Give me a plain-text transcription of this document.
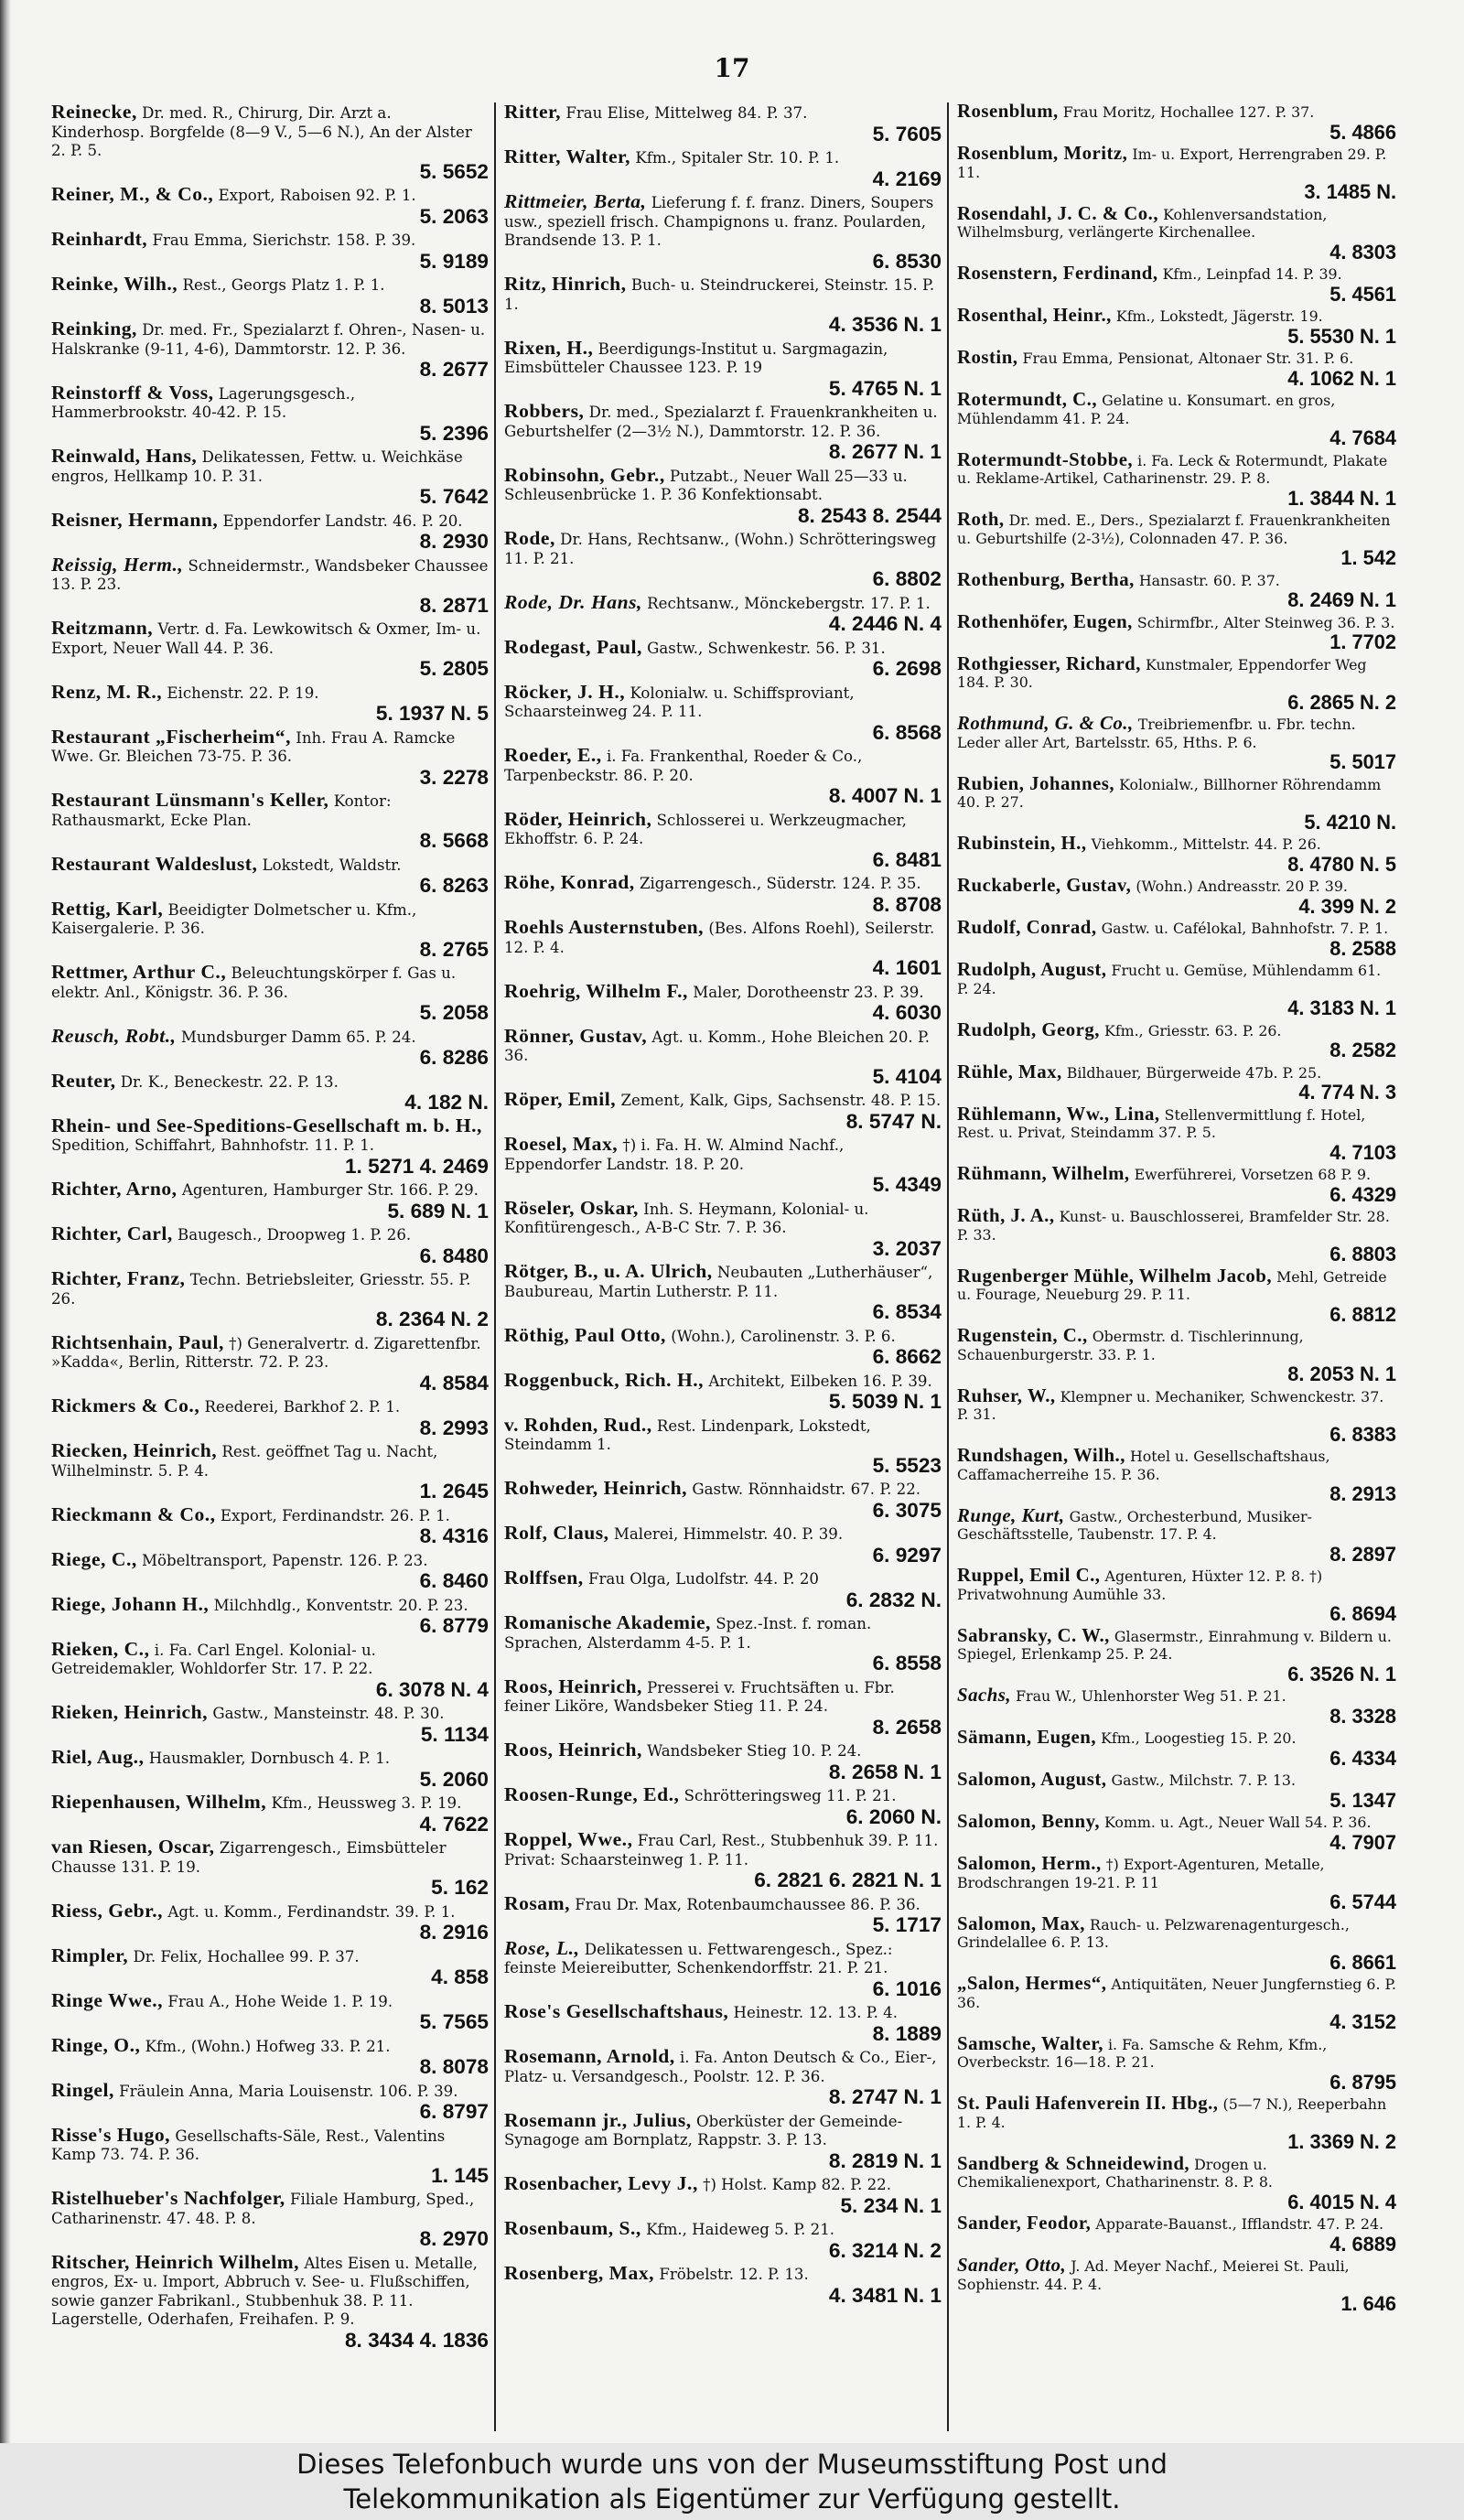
17
Reinecke, Dr. med. R., Chirurg, Dir. Arzt a. Kinderhosp. Borgfelde (8—9 V., 5—6 N.), An der Alster 2. P. 5.
5. 5652
Reiner, M., & Co., Export, Raboisen 92. P. 1.
5. 2063
Reinhardt, Frau Emma, Sierichstr. 158. P. 39.
5. 9189
Reinke, Wilh., Rest., Georgs Platz 1. P. 1.
8. 5013
Reinking, Dr. med. Fr., Spezialarzt f. Ohren-, Nasen- u. Halskranke (9-11, 4-6), Dammtorstr. 12. P. 36.
8. 2677
Reinstorff & Voss, Lagerungsgesch., Hammerbrookstr. 40-42. P. 15.
5. 2396
Reinwald, Hans, Delikatessen, Fettw. u. Weichkäse engros, Hellkamp 10. P. 31.
5. 7642
Reisner, Hermann, Eppendorfer Landstr. 46. P. 20.
8. 2930
Reissig, Herm., Schneidermstr., Wandsbeker Chaussee 13. P. 23.
8. 2871
Reitzmann, Vertr. d. Fa. Lewkowitsch & Oxmer, Im- u. Export, Neuer Wall 44. P. 36.
5. 2805
Renz, M. R., Eichenstr. 22. P. 19.
5. 1937 N. 5
Restaurant „Fischerheim“, Inh. Frau A. Ramcke Wwe. Gr. Bleichen 73-75. P. 36.
3. 2278
Restaurant Lünsmann's Keller, Kontor: Rathausmarkt, Ecke Plan.
8. 5668
Restaurant Waldeslust, Lokstedt, Waldstr.
6. 8263
Rettig, Karl, Beeidigter Dolmetscher u. Kfm., Kaisergalerie. P. 36.
8. 2765
Rettmer, Arthur C., Beleuchtungskörper f. Gas u. elektr. Anl., Königstr. 36. P. 36.
5. 2058
Reusch, Robt., Mundsburger Damm 65. P. 24.
6. 8286
Reuter, Dr. K., Beneckestr. 22. P. 13.
4. 182 N.
Rhein- und See-Speditions-Gesellschaft m. b. H., Spedition, Schiffahrt, Bahnhofstr. 11. P. 1.
1. 5271 4. 2469
Richter, Arno, Agenturen, Hamburger Str. 166. P. 29.
5. 689 N. 1
Richter, Carl, Baugesch., Droopweg 1. P. 26.
6. 8480
Richter, Franz, Techn. Betriebsleiter, Griesstr. 55. P. 26.
8. 2364 N. 2
Richtsenhain, Paul, †) Generalvertr. d. Zigarettenfbr. »Kadda«, Berlin, Ritterstr. 72. P. 23.
4. 8584
Rickmers & Co., Reederei, Barkhof 2. P. 1.
8. 2993
Riecken, Heinrich, Rest. geöffnet Tag u. Nacht, Wilhelminstr. 5. P. 4.
1. 2645
Rieckmann & Co., Export, Ferdinandstr. 26. P. 1.
8. 4316
Riege, C., Möbeltransport, Papenstr. 126. P. 23.
6. 8460
Riege, Johann H., Milchhdlg., Konventstr. 20. P. 23.
6. 8779
Rieken, C., i. Fa. Carl Engel. Kolonial- u. Getreidemakler, Wohldorfer Str. 17. P. 22.
6. 3078 N. 4
Rieken, Heinrich, Gastw., Mansteinstr. 48. P. 30.
5. 1134
Riel, Aug., Hausmakler, Dornbusch 4. P. 1.
5. 2060
Riepenhausen, Wilhelm, Kfm., Heussweg 3. P. 19.
4. 7622
van Riesen, Oscar, Zigarrengesch., Eimsbütteler Chausse 131. P. 19.
5. 162
Riess, Gebr., Agt. u. Komm., Ferdinandstr. 39. P. 1.
8. 2916
Rimpler, Dr. Felix, Hochallee 99. P. 37.
4. 858
Ringe Wwe., Frau A., Hohe Weide 1. P. 19.
5. 7565
Ringe, O., Kfm., (Wohn.) Hofweg 33. P. 21.
8. 8078
Ringel, Fräulein Anna, Maria Louisenstr. 106. P. 39.
6. 8797
Risse's Hugo, Gesellschafts-Säle, Rest., Valentins Kamp 73. 74. P. 36.
1. 145
Ristelhueber's Nachfolger, Filiale Hamburg, Sped., Catharinenstr. 47. 48. P. 8.
8. 2970
Ritscher, Heinrich Wilhelm, Altes Eisen u. Metalle, engros, Ex- u. Import, Abbruch v. See- u. Flußschiffen, sowie ganzer Fabrikanl., Stubbenhuk 38. P. 11. Lagerstelle, Oderhafen, Freihafen. P. 9.
8. 3434 4. 1836
Ritter, Frau Elise, Mittelweg 84. P. 37.
5. 7605
Ritter, Walter, Kfm., Spitaler Str. 10. P. 1.
4. 2169
Rittmeier, Berta, Lieferung f. f. franz. Diners, Soupers usw., speziell frisch. Champignons u. franz. Poularden, Brandsende 13. P. 1.
6. 8530
Ritz, Hinrich, Buch- u. Steindruckerei, Steinstr. 15. P. 1.
4. 3536 N. 1
Rixen, H., Beerdigungs-Institut u. Sargmagazin, Eimsbütteler Chaussee 123. P. 19
5. 4765 N. 1
Robbers, Dr. med., Spezialarzt f. Frauenkrankheiten u. Geburtshelfer (2—3½ N.), Dammtorstr. 12. P. 36.
8. 2677 N. 1
Robinsohn, Gebr., Putzabt., Neuer Wall 25—33 u. Schleusenbrücke 1. P. 36 Konfektionsabt.
8. 2543 8. 2544
Rode, Dr. Hans, Rechtsanw., (Wohn.) Schrötteringsweg 11. P. 21.
6. 8802
Rode, Dr. Hans, Rechtsanw., Mönckebergstr. 17. P. 1.
4. 2446 N. 4
Rodegast, Paul, Gastw., Schwenkestr. 56. P. 31.
6. 2698
Röcker, J. H., Kolonialw. u. Schiffsproviant, Schaarsteinweg 24. P. 11.
6. 8568
Roeder, E., i. Fa. Frankenthal, Roeder & Co., Tarpenbeckstr. 86. P. 20.
8. 4007 N. 1
Röder, Heinrich, Schlosserei u. Werkzeugmacher, Ekhoffstr. 6. P. 24.
6. 8481
Röhe, Konrad, Zigarrengesch., Süderstr. 124. P. 35.
8. 8708
Roehls Austernstuben, (Bes. Alfons Roehl), Seilerstr. 12. P. 4.
4. 1601
Roehrig, Wilhelm F., Maler, Dorotheenstr 23. P. 39.
4. 6030
Rönner, Gustav, Agt. u. Komm., Hohe Bleichen 20. P. 36.
5. 4104
Röper, Emil, Zement, Kalk, Gips, Sachsenstr. 48. P. 15.
8. 5747 N.
Roesel, Max, †) i. Fa. H. W. Almind Nachf., Eppendorfer Landstr. 18. P. 20.
5. 4349
Röseler, Oskar, Inh. S. Heymann, Kolonial- u. Konfitürengesch., A-B-C Str. 7. P. 36.
3. 2037
Rötger, B., u. A. Ulrich, Neubauten „Lutherhäuser“, Baubureau, Martin Lutherstr. P. 11.
6. 8534
Röthig, Paul Otto, (Wohn.), Carolinenstr. 3. P. 6.
6. 8662
Roggenbuck, Rich. H., Architekt, Eilbeken 16. P. 39.
5. 5039 N. 1
v. Rohden, Rud., Rest. Lindenpark, Lokstedt, Steindamm 1.
5. 5523
Rohweder, Heinrich, Gastw. Rönnhaidstr. 67. P. 22.
6. 3075
Rolf, Claus, Malerei, Himmelstr. 40. P. 39.
6. 9297
Rolffsen, Frau Olga, Ludolfstr. 44. P. 20
6. 2832 N.
Romanische Akademie, Spez.-Inst. f. roman. Sprachen, Alsterdamm 4-5. P. 1.
6. 8558
Roos, Heinrich, Presserei v. Fruchtsäften u. Fbr. feiner Liköre, Wandsbeker Stieg 11. P. 24.
8. 2658
Roos, Heinrich, Wandsbeker Stieg 10. P. 24.
8. 2658 N. 1
Roosen-Runge, Ed., Schrötteringsweg 11. P. 21.
6. 2060 N.
Roppel, Wwe., Frau Carl, Rest., Stubbenhuk 39. P. 11. Privat: Schaarsteinweg 1. P. 11.
6. 2821 6. 2821 N. 1
Rosam, Frau Dr. Max, Rotenbaumchaussee 86. P. 36.
5. 1717
Rose, L., Delikatessen u. Fettwarengesch., Spez.: feinste Meiereibutter, Schenkendorffstr. 21. P. 21.
6. 1016
Rose's Gesellschaftshaus, Heinestr. 12. 13. P. 4.
8. 1889
Rosemann, Arnold, i. Fa. Anton Deutsch & Co., Eier-, Platz- u. Versandgesch., Poolstr. 12. P. 36.
8. 2747 N. 1
Rosemann jr., Julius, Oberküster der Gemeinde-Synagoge am Bornplatz, Rappstr. 3. P. 13.
8. 2819 N. 1
Rosenbacher, Levy J., †) Holst. Kamp 82. P. 22.
5. 234 N. 1
Rosenbaum, S., Kfm., Haideweg 5. P. 21.
6. 3214 N. 2
Rosenberg, Max, Fröbelstr. 12. P. 13.
4. 3481 N. 1
Rosenblum, Frau Moritz, Hochallee 127. P. 37.
5. 4866
Rosenblum, Moritz, Im- u. Export, Herrengraben 29. P. 11.
3. 1485 N.
Rosendahl, J. C. & Co., Kohlenversandstation, Wilhelmsburg, verlängerte Kirchenallee.
4. 8303
Rosenstern, Ferdinand, Kfm., Leinpfad 14. P. 39.
5. 4561
Rosenthal, Heinr., Kfm., Lokstedt, Jägerstr. 19.
5. 5530 N. 1
Rostin, Frau Emma, Pensionat, Altonaer Str. 31. P. 6.
4. 1062 N. 1
Rotermundt, C., Gelatine u. Konsumart. en gros, Mühlendamm 41. P. 24.
4. 7684
Rotermundt-Stobbe, i. Fa. Leck & Rotermundt, Plakate u. Reklame-Artikel, Catharinenstr. 29. P. 8.
1. 3844 N. 1
Roth, Dr. med. E., Ders., Spezialarzt f. Frauenkrankheiten u. Geburtshilfe (2-3½), Colonnaden 47. P. 36.
1. 542
Rothenburg, Bertha, Hansastr. 60. P. 37.
8. 2469 N. 1
Rothenhöfer, Eugen, Schirmfbr., Alter Steinweg 36. P. 3.
1. 7702
Rothgiesser, Richard, Kunstmaler, Eppendorfer Weg 184. P. 30.
6. 2865 N. 2
Rothmund, G. & Co., Treibriemenfbr. u. Fbr. techn. Leder aller Art, Bartelsstr. 65, Hths. P. 6.
5. 5017
Rubien, Johannes, Kolonialw., Billhorner Röhrendamm 40. P. 27.
5. 4210 N.
Rubinstein, H., Viehkomm., Mittelstr. 44. P. 26.
8. 4780 N. 5
Ruckaberle, Gustav, (Wohn.) Andreasstr. 20 P. 39.
4. 399 N. 2
Rudolf, Conrad, Gastw. u. Cafélokal, Bahnhofstr. 7. P. 1.
8. 2588
Rudolph, August, Frucht u. Gemüse, Mühlendamm 61. P. 24.
4. 3183 N. 1
Rudolph, Georg, Kfm., Griesstr. 63. P. 26.
8. 2582
Rühle, Max, Bildhauer, Bürgerweide 47b. P. 25.
4. 774 N. 3
Rühlemann, Ww., Lina, Stellenvermittlung f. Hotel, Rest. u. Privat, Steindamm 37. P. 5.
4. 7103
Rühmann, Wilhelm, Ewerführerei, Vorsetzen 68 P. 9.
6. 4329
Rüth, J. A., Kunst- u. Bauschlosserei, Bramfelder Str. 28. P. 33.
6. 8803
Rugenberger Mühle, Wilhelm Jacob, Mehl, Getreide u. Fourage, Neueburg 29. P. 11.
6. 8812
Rugenstein, C., Obermstr. d. Tischlerinnung, Schauenburgerstr. 33. P. 1.
8. 2053 N. 1
Ruhser, W., Klempner u. Mechaniker, Schwenckestr. 37. P. 31.
6. 8383
Rundshagen, Wilh., Hotel u. Gesellschaftshaus, Caffamacherreihe 15. P. 36.
8. 2913
Runge, Kurt, Gastw., Orchesterbund, Musiker-Geschäftsstelle, Taubenstr. 17. P. 4.
8. 2897
Ruppel, Emil C., Agenturen, Hüxter 12. P. 8. †) Privatwohnung Aumühle 33.
6. 8694
Sabransky, C. W., Glasermstr., Einrahmung v. Bildern u. Spiegel, Erlenkamp 25. P. 24.
6. 3526 N. 1
Sachs, Frau W., Uhlenhorster Weg 51. P. 21.
8. 3328
Sämann, Eugen, Kfm., Loogestieg 15. P. 20.
6. 4334
Salomon, August, Gastw., Milchstr. 7. P. 13.
5. 1347
Salomon, Benny, Komm. u. Agt., Neuer Wall 54. P. 36.
4. 7907
Salomon, Herm., †) Export-Agenturen, Metalle, Brodschrangen 19-21. P. 11
6. 5744
Salomon, Max, Rauch- u. Pelzwarenagenturgesch., Grindelallee 6. P. 13.
6. 8661
„Salon, Hermes“, Antiquitäten, Neuer Jungfernstieg 6. P. 36.
4. 3152
Samsche, Walter, i. Fa. Samsche & Rehm, Kfm., Overbeckstr. 16—18. P. 21.
6. 8795
St. Pauli Hafenverein II. Hbg., (5—7 N.), Reeperbahn 1. P. 4.
1. 3369 N. 2
Sandberg & Schneidewind, Drogen u. Chemikalienexport, Chatharinenstr. 8. P. 8.
6. 4015 N. 4
Sander, Feodor, Apparate-Bauanst., Ifflandstr. 47. P. 24.
4. 6889
Sander, Otto, J. Ad. Meyer Nachf., Meierei St. Pauli, Sophienstr. 44. P. 4.
1. 646
Dieses Telefonbuch wurde uns von der Museumsstiftung Post und
Telekommunikation als Eigentümer zur Verfügung gestellt.
